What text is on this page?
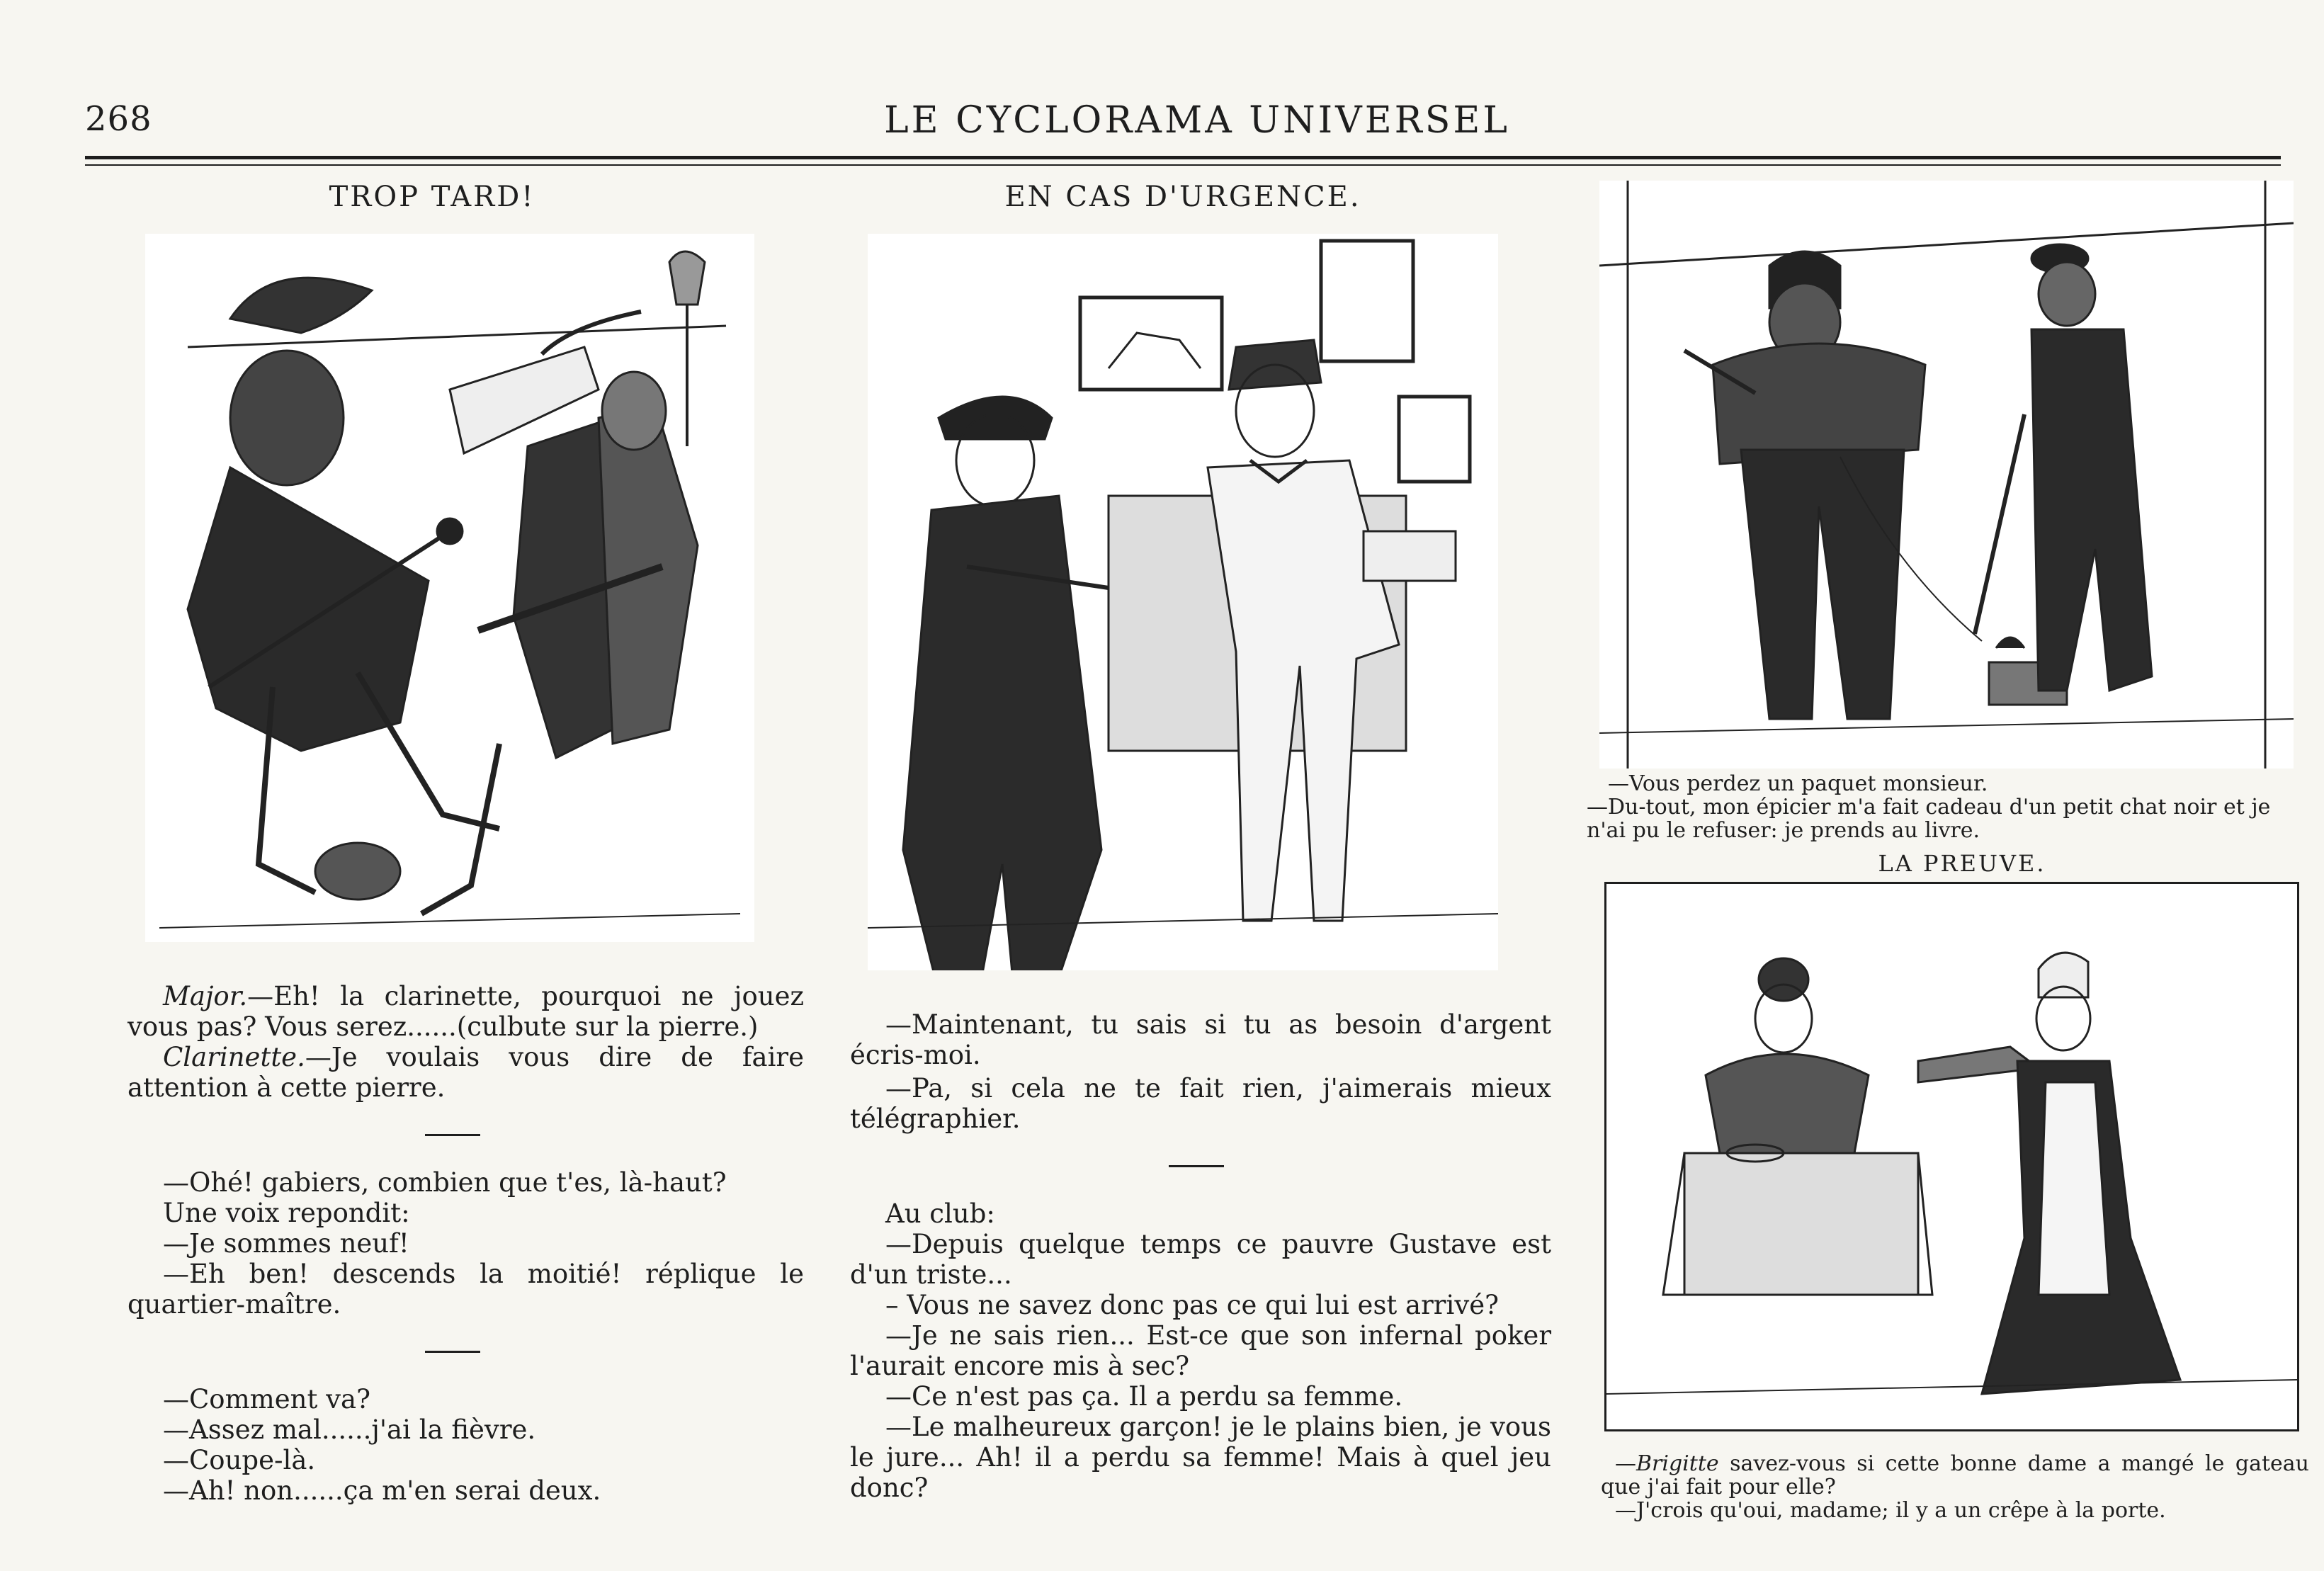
268	LE CYCLORAMA UNIVERSEL
TROP TARD!

Major.—Eh! la clarinette, pourquoi ne jouez vous pas? Vous serez......(culbute sur la pierre.)

Clarinette.—Je voulais vous dire de faire attention à cette pierre.

—Ohé! gabiers, combien que t'es, là-haut?

Une voix repondit:

—Je sommes neuf!

—Eh ben! descends la moitié! réplique le quartier-maître.

—Comment va?

—Assez mal......j'ai la fièvre.

—Coupe-là.

—Ah! non......ça m'en serai deux.

EN CAS D'URGENCE.

—Maintenant, tu sais si tu as besoin d'argent écris-moi.

—Pa, si cela ne te fait rien, j'aimerais mieux télégraphier.

Au club:

—Depuis quelque temps ce pauvre Gustave est d'un triste...

– Vous ne savez donc pas ce qui lui est arrivé?

—Je ne sais rien... Est-ce que son infernal poker l'aurait encore mis à sec?

—Ce n'est pas ça. Il a perdu sa femme.

—Le malheureux garçon! je le plains bien, je vous le jure... Ah! il a perdu sa femme! Mais à quel jeu donc?

—Vous perdez un paquet monsieur.

—Du-tout, mon épicier m'a fait cadeau d'un petit chat noir et je n'ai pu le refuser: je prends au livre.

LA PREUVE.

—Brigitte savez-vous si cette bonne dame a mangé le gateau que j'ai fait pour elle?

—J'crois qu'oui, madame; il y a un crêpe à la porte.
